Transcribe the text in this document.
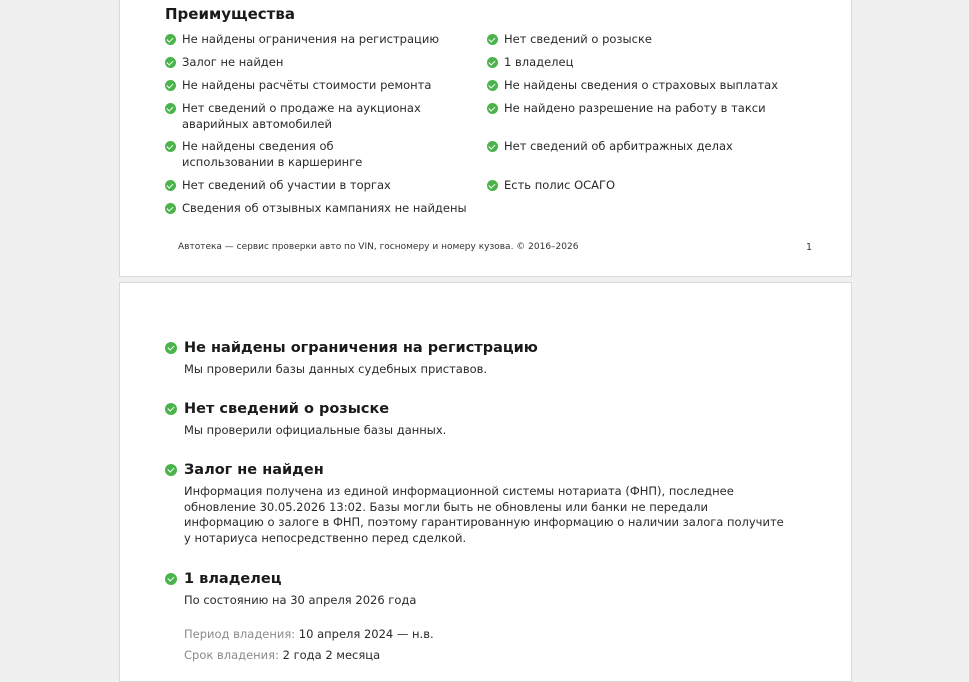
Преимущества
Не найдены ограничения на регистрацию
Залог не найден
Не найдены расчёты стоимости ремонта
Нет сведений о продаже на аукционах аварийных автомобилей
Не найдены сведения об использовании в каршеринге
Нет сведений об участии в торгах
Сведения об отзывных кампаниях не найдены
Нет сведений о розыске
1 владелец
Не найдены сведения о страховых выплатах
Не найдено разрешение на работу в такси
Нет сведений об арбитражных делах
Есть полис ОСАГО
Автотека — сервис проверки авто по VIN, госномеру и номеру кузова. © 2016–2026	1
Не найдены ограничения на регистрацию
Мы проверили базы данных судебных приставов.
Нет сведений о розыске
Мы проверили официальные базы данных.
Залог не найден
Информация получена из единой информационной системы нотариата (ФНП), последнее обновление 30.05.2026 13:02. Базы могли быть не обновлены или банки не передали информацию о залоге в ФНП, поэтому гарантированную информацию о наличии залога получите у нотариуса непосредственно перед сделкой.
1 владелец
По состоянию на 30 апреля 2026 года
Период владения: 10 апреля 2024 — н.в.
Срок владения: 2 года 2 месяца
